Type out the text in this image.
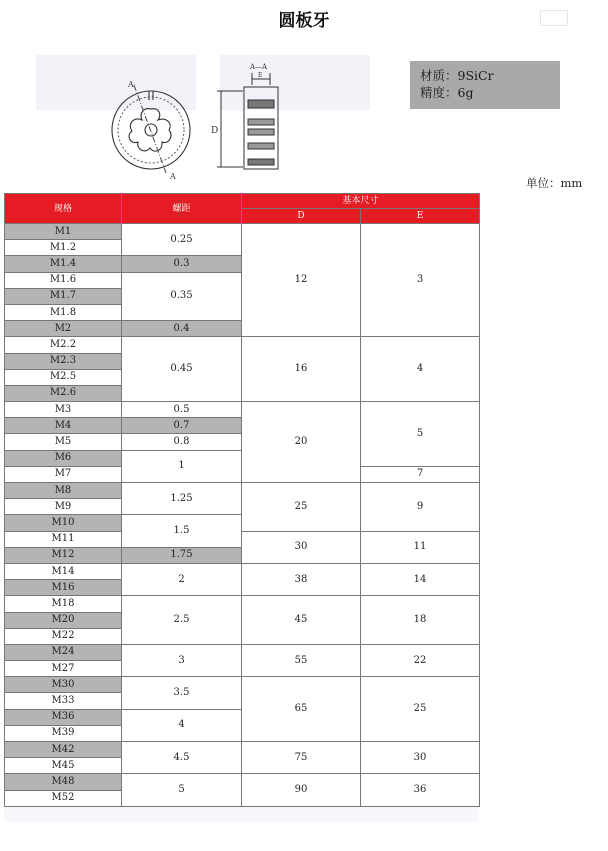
圆板牙
A
A
D
A—A
E	材质：9SiCr
精度：6g
单位：mm
规格	螺距	基本尺寸	
		D	E
M1	0.25	12	3
M1.2			
M1.4	0.3		
M1.6	0.35		
M1.7			
M1.8			
M2	0.4		
M2.2	0.45	16	4
M2.3			
M2.5			
M2.6			
M3	0.5	20	5
M4	0.7		
M5	0.8		
M6	1		
M7			7
M8	1.25	25	9
M9			
M10	1.5		
M11		30	11
M12	1.75		
M14	2	38	14
M16			
M18	2.5	45	18
M20			
M22			
M24	3	55	22
M27			
M30	3.5	65	25
M33			
M36	4		
M39			
M42	4.5	75	30
M45			
M48	5	90	36
M52			
